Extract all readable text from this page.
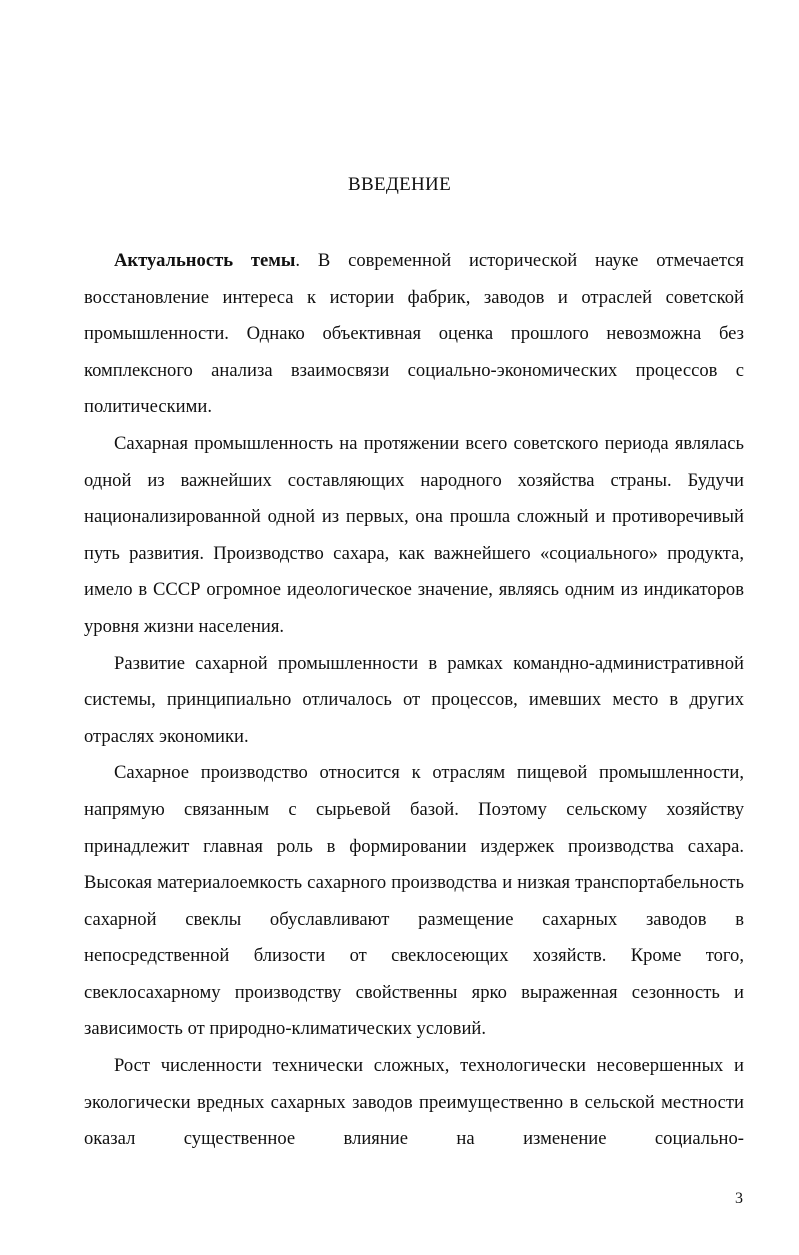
ВВЕДЕНИЕ

Актуальность темы. В современной исторической науке отмечается восстановление интереса к истории фабрик, заводов и отраслей советской промышленности. Однако объективная оценка прошлого невозможна без комплексного анализа взаимосвязи социально-экономических процессов с политическими.

Сахарная промышленность на протяжении всего советского периода являлась одной из важнейших составляющих народного хозяйства страны. Будучи национализированной одной из первых, она прошла сложный и противоречивый путь развития. Производство сахара, как важнейшего «социального» продукта, имело в СССР огромное идеологическое значение, являясь одним из индикаторов уровня жизни населения.

Развитие сахарной промышленности в рамках командно-административной системы, принципиально отличалось от процессов, имевших место в других отраслях экономики.

Сахарное производство относится к отраслям пищевой промышленности, напрямую связанным с сырьевой базой. Поэтому сельскому хозяйству принадлежит главная роль в формировании издержек производства сахара. Высокая материалоемкость сахарного производства и низкая транспортабельность сахарной свеклы обуславливают размещение сахарных заводов в непосредственной близости от свеклосеющих хозяйств. Кроме того, свеклосахарному производству свойственны ярко выраженная сезонность и зависимость от природно-климатических условий.

Рост численности технически сложных, технологически несовершенных и экологически вредных сахарных заводов преимущественно в сельской местности оказал существенное влияние на изменение социально-

3
